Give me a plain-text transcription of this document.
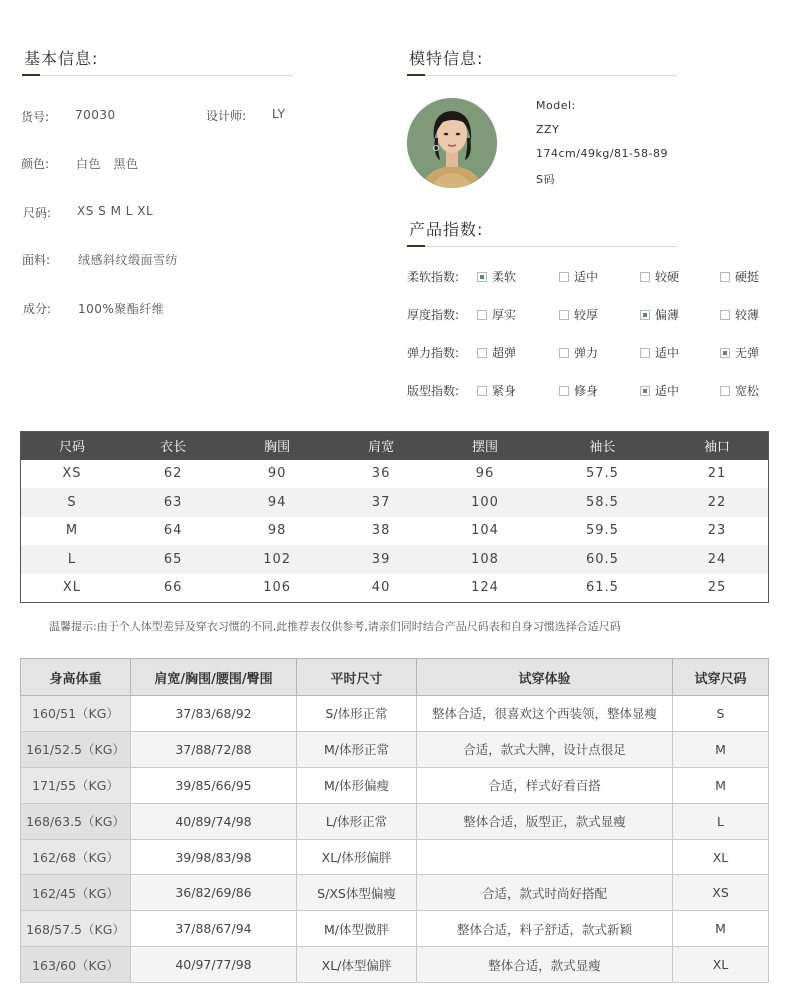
基本信息:
货号: 70030	设计师: LY
颜色: 白色　黑色
尺码: XS S M L XL
面料: 绒感斜纹缎面雪纺
成分: 100%聚酯纤维
模特信息:
Model:
ZZY
174cm/49kg/81-58-89
S码
产品指数:
柔软指数:	柔软	适中	较硬	硬挺
厚度指数:	厚实	较厚	偏薄	较薄
弹力指数:	超弹	弹力	适中	无弹
版型指数:	紧身	修身	适中	宽松
尺码	衣长	胸围	肩宽	摆围	袖长	袖口
XS	62	90	36	96	57.5	21
S	63	94	37	100	58.5	22
M	64	98	38	104	59.5	23
L	65	102	39	108	60.5	24
XL	66	106	40	124	61.5	25
温馨提示:由于个人体型差异及穿衣习惯的不同,此推荐表仅供参考,请亲们同时结合产品尺码表和自身习惯选择合适尺码
身高体重	肩宽/胸围/腰围/臀围	平时尺寸	试穿体验	试穿尺码
160/51（KG）	37/83/68/92	S/体形正常	整体合适，很喜欢这个西装领，整体显瘦	S
161/52.5（KG）	37/88/72/88	M/体形正常	合适，款式大牌，设计点很足	M
171/55（KG）	39/85/66/95	M/体形偏瘦	合适，样式好看百搭	M
168/63.5（KG）	40/89/74/98	L/体形正常	整体合适，版型正，款式显瘦	L
162/68（KG）	39/98/83/98	XL/体形偏胖		XL
162/45（KG）	36/82/69/86	S/XS体型偏瘦	合适，款式时尚好搭配	XS
168/57.5（KG）	37/88/67/94	M/体型微胖	整体合适，料子舒适，款式新颖	M
163/60（KG）	40/97/77/98	XL/体型偏胖	整体合适，款式显瘦	XL
